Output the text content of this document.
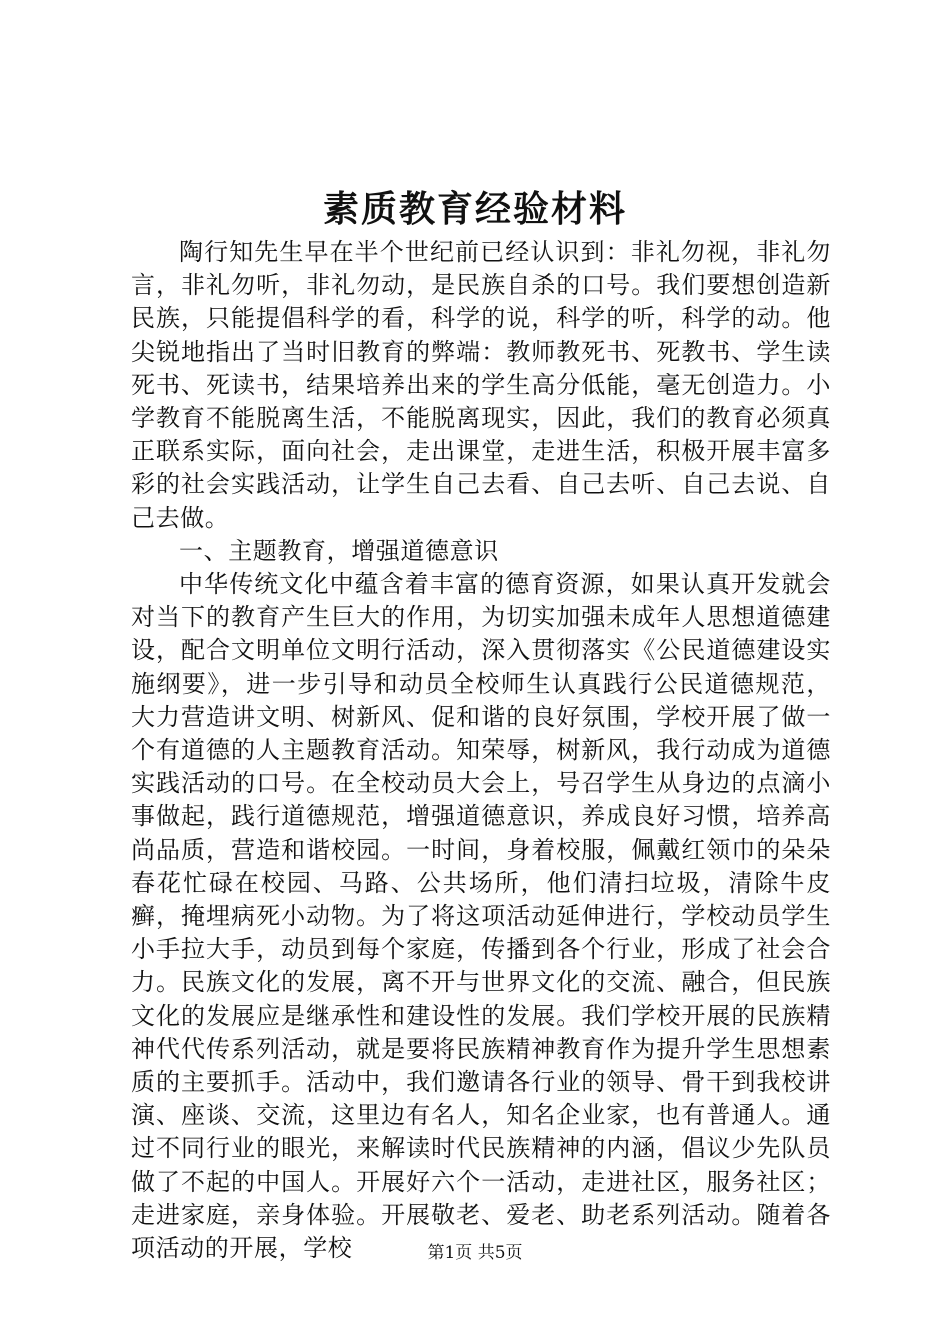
素质教育经验材料

陶行知先生早在半个世纪前已经认识到：非礼勿视，非礼勿言，非礼勿听，非礼勿动，是民族自杀的口号。我们要想创造新民族，只能提倡科学的看，科学的说，科学的听，科学的动。他尖锐地指出了当时旧教育的弊端：教师教死书、死教书、学生读死书、死读书，结果培养出来的学生高分低能，毫无创造力。小学教育不能脱离生活，不能脱离现实，因此，我们的教育必须真正联系实际，面向社会，走出课堂，走进生活，积极开展丰富多彩的社会实践活动，让学生自己去看、自己去听、自己去说、自己去做。

一、主题教育，增强道德意识

中华传统文化中蕴含着丰富的德育资源，如果认真开发就会对当下的教育产生巨大的作用，为切实加强未成年人思想道德建设，配合文明单位文明行活动，深入贯彻落实《公民道德建设实施纲要》，进一步引导和动员全校师生认真践行公民道德规范，大力营造讲文明、树新风、促和谐的良好氛围，学校开展了做一个有道德的人主题教育活动。知荣辱，树新风，我行动成为道德实践活动的口号。在全校动员大会上，号召学生从身边的点滴小事做起，践行道德规范，增强道德意识，养成良好习惯，培养高尚品质，营造和谐校园。一时间，身着校服，佩戴红领巾的朵朵春花忙碌在校园、马路、公共场所，他们清扫垃圾，清除牛皮癣，掩埋病死小动物。为了将这项活动延伸进行，学校动员学生小手拉大手，动员到每个家庭，传播到各个行业，形成了社会合力。民族文化的发展，离不开与世界文化的交流、融合，但民族文化的发展应是继承性和建设性的发展。我们学校开展的民族精神代代传系列活动，就是要将民族精神教育作为提升学生思想素质的主要抓手。活动中，我们邀请各行业的领导、骨干到我校讲演、座谈、交流，这里边有名人，知名企业家，也有普通人。通过不同行业的眼光，来解读时代民族精神的内涵，倡议少先队员做了不起的中国人。开展好六个一活动，走进社区，服务社区；走进家庭，亲身体验。开展敬老、爱老、助老系列活动。随着各项活动的开展，学校	第1页 共5页
